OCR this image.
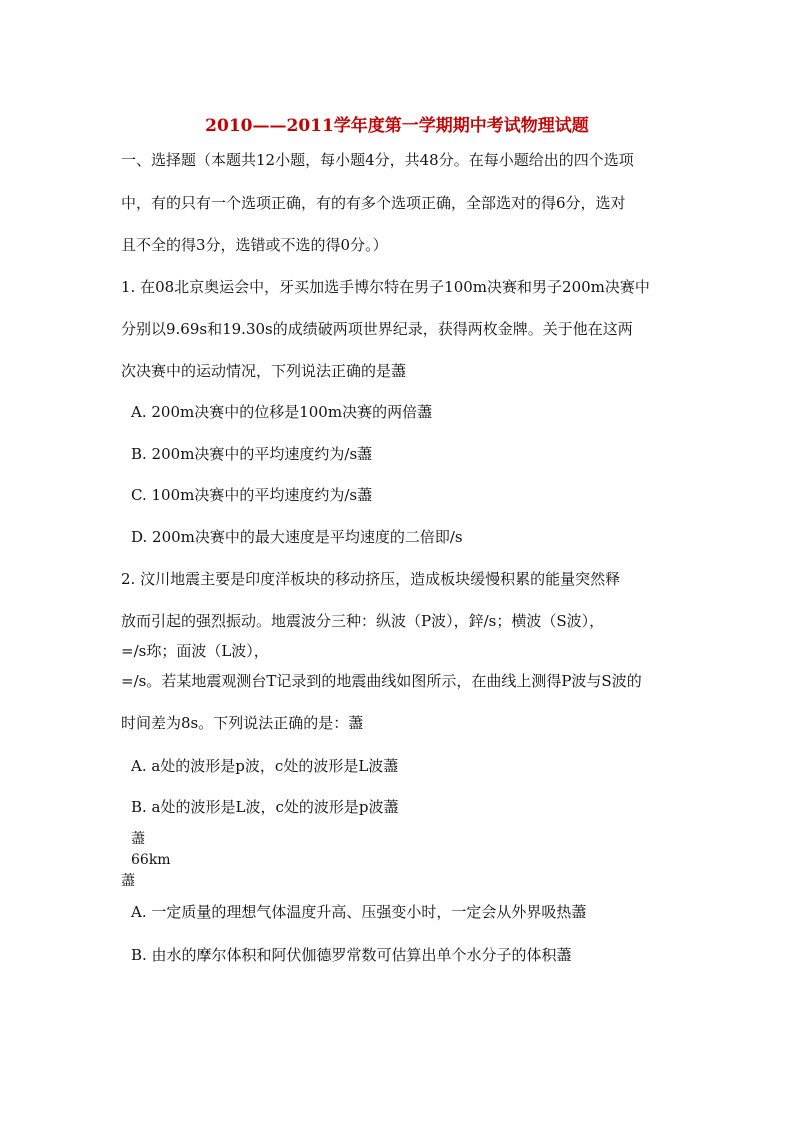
2010——2011学年度第一学期期中考试物理试题
一、选择题（本题共12小题，每小题4分，共48分。在每小题给出的四个选项
中，有的只有一个选项正确，有的有多个选项正确，全部选对的得6分，选对
且不全的得3分，选错或不选的得0分。）
1. 在08北京奥运会中，牙买加选手博尔特在男子100m决赛和男子200m决赛中
分别以9.69s和19.30s的成绩破两项世界纪录，获得两枚金牌。关于他在这两
次决赛中的运动情况，下列说法正确的是藎
A. 200m决赛中的位移是100m决赛的两倍藎
B. 200m决赛中的平均速度约为/s藎
C. 100m决赛中的平均速度约为/s藎
D. 200m决赛中的最大速度是平均速度的二倍即/s
2. 汶川地震主要是印度洋板块的移动挤压，造成板块缓慢积累的能量突然释
放而引起的强烈振动。地震波分三种：纵波（P波），鋅/s；横波（S波），
=/s珎；面波（L波），
=/s。若某地震观测台T记录到的地震曲线如图所示，在曲线上测得P波与S波的
时间差为8s。下列说法正确的是：藎
A. a处的波形是p波，c处的波形是L波藎
B. a处的波形是L波，c处的波形是p波藎
藎
66km
藎
A. 一定质量的理想气体温度升高、压强变小时，一定会从外界吸热藎
B. 由水的摩尔体积和阿伏伽德罗常数可估算出单个水分子的体积藎
